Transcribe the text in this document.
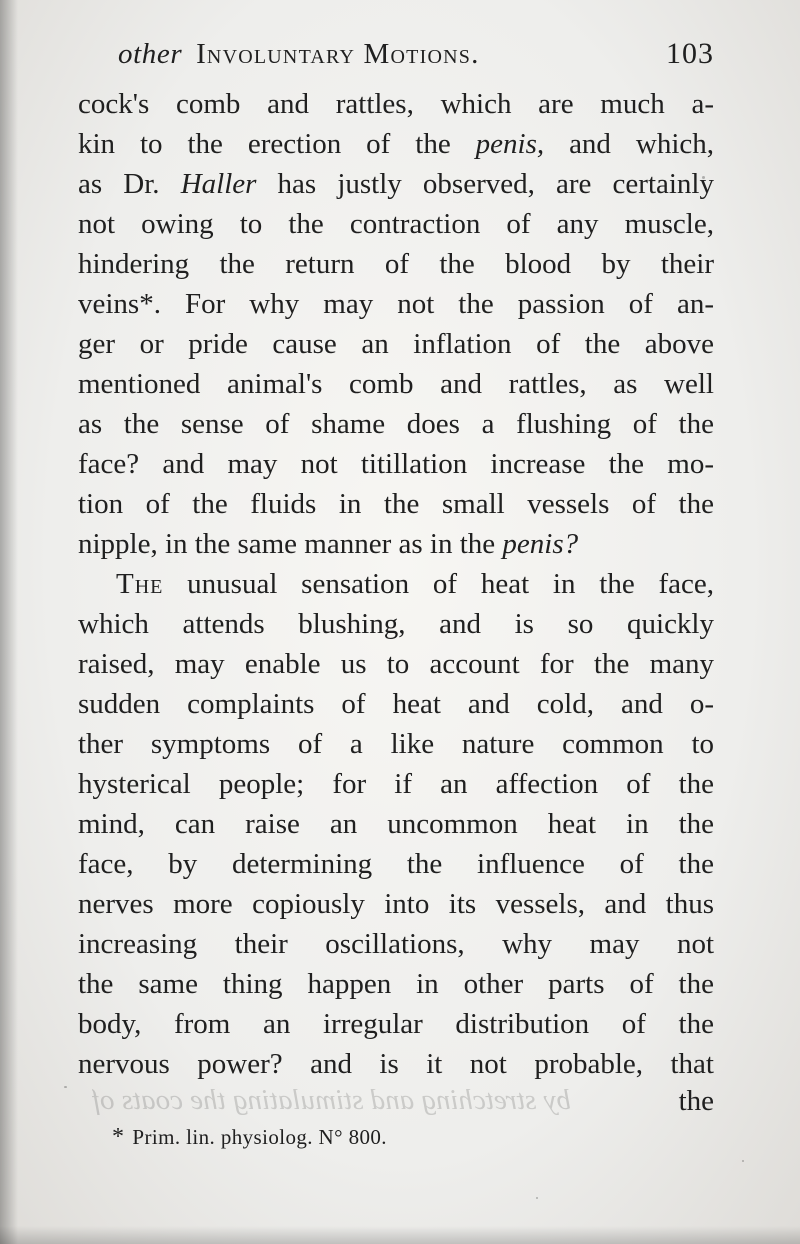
other Involuntary Motions.	103
by stretching and stimulating the coats of
cock's comb and rattles, which are much a-
kin to the erection of the penis, and which,
as Dr. Haller has justly observed, are certainly
not owing to the contraction of any muscle,
hindering the return of the blood by their
veins*. For why may not the passion of an-
ger or pride cause an inflation of the above
mentioned animal's comb and rattles, as well
as the sense of shame does a flushing of the
face? and may not titillation increase the mo-
tion of the fluids in the small vessels of the
nipple, in the same manner as in the penis?
The unusual sensation of heat in the face,
which attends blushing, and is so quickly
raised, may enable us to account for the many
sudden complaints of heat and cold, and o-
ther symptoms of a like nature common to
hysterical people; for if an affection of the
mind, can raise an uncommon heat in the
face, by determining the influence of the
nerves more copiously into its vessels, and thus
increasing their oscillations, why may not
the same thing happen in other parts of the
body, from an irregular distribution of the
nervous power? and is it not probable, that
the
* Prim. lin. physiolog. N° 800.
